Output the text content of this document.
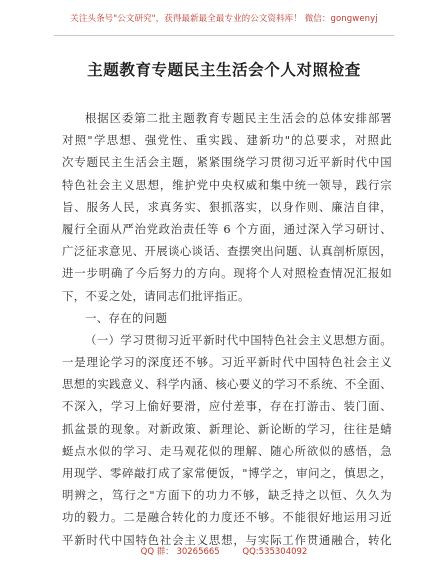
关注头条号"公文研究"，获得最新最全最专业的公文资料库！ 微信：gongwenyj
主题教育专题民主生活会个人对照检查
根据区委第二批主题教育专题民主生活会的总体安排部署
对照"学思想、强党性、重实践、建新功"的总要求，对照此
次专题民主生活会主题，紧紧围绕学习贯彻习近平新时代中国
特色社会主义思想，维护党中央权威和集中统一领导，践行宗
旨、服务人民，求真务实、狠抓落实，以身作则、廉洁自律，
履行全面从严治党政治责任等 6 个方面，通过深入学习研讨、
广泛征求意见、开展谈心谈话、查摆突出问题、认真剖析原因，
进一步明确了今后努力的方向。现将个人对照检查情况汇报如
下，不妥之处，请同志们批评指正。
一、存在的问题
（一）学习贯彻习近平新时代中国特色社会主义思想方面。
一是理论学习的深度还不够。习近平新时代中国特色社会主义
思想的实践意义、科学内涵、核心要义的学习不系统、不全面、
不深入，学习上偷好要滑，应付差事，存在打游击、装门面、
抓盆景的现象。对新政策、新理论、新论断的学习，往往是蜻
蜓点水似的学习、走马观花似的理解、随心所欲似的感悟，急
用现学、零碎敲打成了家常便饭，"博学之，审问之，慎思之，
明辨之，笃行之"方面下的功力不够，缺乏持之以恒、久久为
功的毅力。二是融合转化的力度还不够。不能很好地运用习近
平新时代中国特色社会主义思想，与实际工作贯通融合，转化
QQ 群： 30265665	QQ:535304092
